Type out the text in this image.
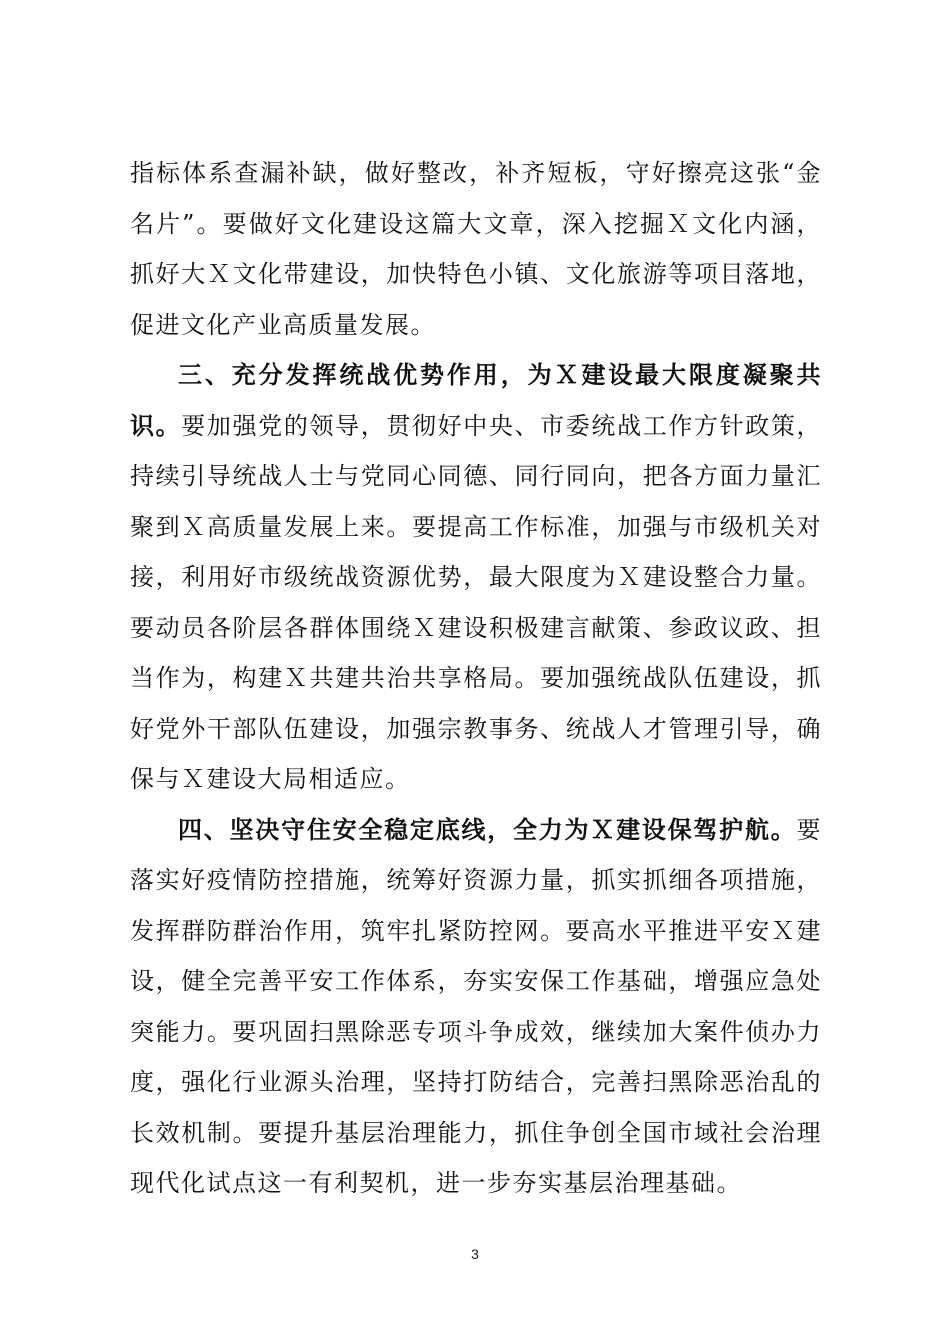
指标体系查漏补缺，做好整改，补齐短板，守好擦亮这张“金名片”。要做好文化建设这篇大文章，深入挖掘Ｘ文化内涵，抓好大Ｘ文化带建设，加快特色小镇、文化旅游等项目落地，促进文化产业高质量发展。

三、充分发挥统战优势作用，为Ｘ建设最大限度凝聚共识。要加强党的领导，贯彻好中央、市委统战工作方针政策，持续引导统战人士与党同心同德、同行同向，把各方面力量汇聚到Ｘ高质量发展上来。要提高工作标准，加强与市级机关对接，利用好市级统战资源优势，最大限度为Ｘ建设整合力量。要动员各阶层各群体围绕Ｘ建设积极建言献策、参政议政、担当作为，构建Ｘ共建共治共享格局。要加强统战队伍建设，抓好党外干部队伍建设，加强宗教事务、统战人才管理引导，确保与Ｘ建设大局相适应。

四、坚决守住安全稳定底线，全力为Ｘ建设保驾护航。要落实好疫情防控措施，统筹好资源力量，抓实抓细各项措施，发挥群防群治作用，筑牢扎紧防控网。要高水平推进平安Ｘ建设，健全完善平安工作体系，夯实安保工作基础，增强应急处突能力。要巩固扫黑除恶专项斗争成效，继续加大案件侦办力度，强化行业源头治理，坚持打防结合，完善扫黑除恶治乱的长效机制。要提升基层治理能力，抓住争创全国市域社会治理现代化试点这一有利契机，进一步夯实基层治理基础。

3
